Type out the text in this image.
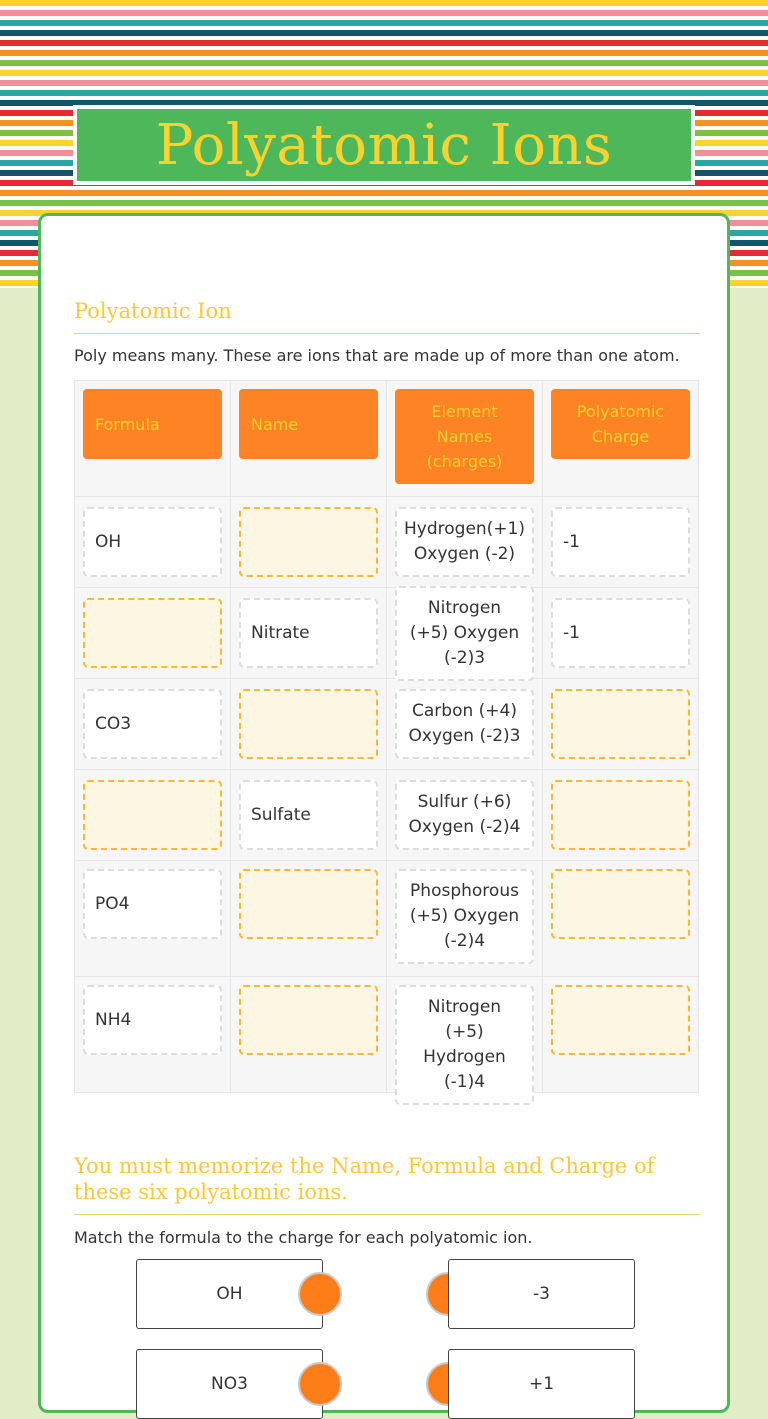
Polyatomic Ions
Polyatomic Ion
Poly means many. These are ions that are made up of more than one atom.
Formula	Name
Element Names (charges)
Polyatomic Charge
OH
Hydrogen(+1) Oxygen (-2)
-1
Nitrate
Nitrogen (+5) Oxygen (-2)3
-1
CO3
Carbon (+4) Oxygen (-2)3
Sulfate
Sulfur (+6) Oxygen (-2)4
PO4
Phosphorous (+5) Oxygen (-2)4
NH4
Nitrogen (+5) Hydrogen (-1)4
You must memorize the Name, Formula and Charge of these six polyatomic ions.
Match the formula to the charge for each polyatomic ion.
OH	-3
NO3	+1
